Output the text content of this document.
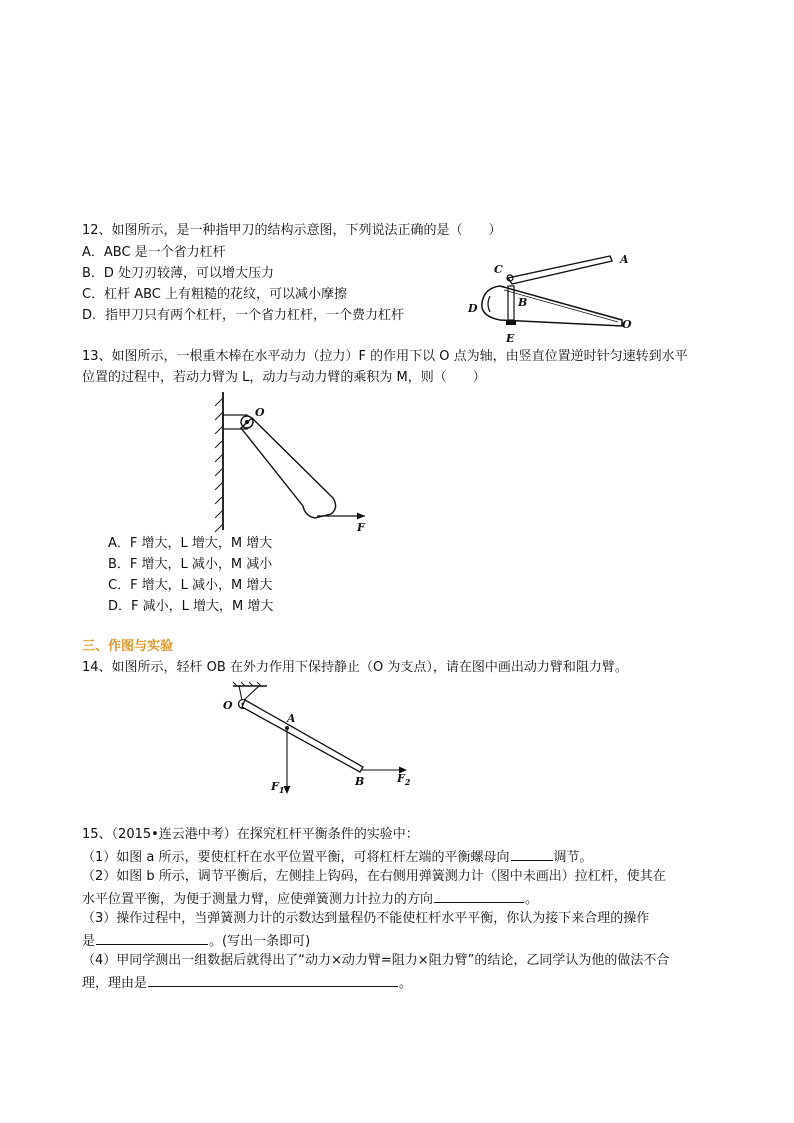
12、如图所示，是一种指甲刀的结构示意图，下列说法正确的是（　　）
A．ABC 是一个省力杠杆
B．D 处刀刃较薄，可以增大压力
C．杠杆 ABC 上有粗糙的花纹，可以减小摩擦
D．指甲刀只有两个杠杆，一个省力杠杆，一个费力杠杆
C
A
B
D
E
O
13、如图所示，一根重木棒在水平动力（拉力）F 的作用下以 O 点为轴，由竖直位置逆时针匀速转到水平
位置的过程中，若动力臂为 L，动力与动力臂的乘积为 M，则（　　）
O
F
A．F 增大，L 增大，M 增大
B．F 增大，L 减小，M 减小
C．F 增大，L 减小，M 增大
D．F 减小，L 增大，M 增大
三、作图与实验
14、如图所示，轻杆 OB 在外力作用下保持静止（O 为支点），请在图中画出动力臂和阻力臂。
O
A
B
$F_1$
$F_2$
15、（2015•连云港中考）在探究杠杆平衡条件的实验中：
（1）如图 a 所示，要使杠杆在水平位置平衡，可将杠杆左端的平衡螺母向	调节。
（2）如图 b 所示，调节平衡后，左侧挂上钩码，在右侧用弹簧测力计（图中未画出）拉杠杆，使其在
水平位置平衡，为便于测量力臂，应使弹簧测力计拉力的方向	。
（3）操作过程中，当弹簧测力计的示数达到量程仍不能使杠杆水平平衡，你认为接下来合理的操作
是	。(写出一条即可)
（4）甲同学测出一组数据后就得出了“动力×动力臂=阻力×阻力臂”的结论，乙同学认为他的做法不合
理，理由是	。
